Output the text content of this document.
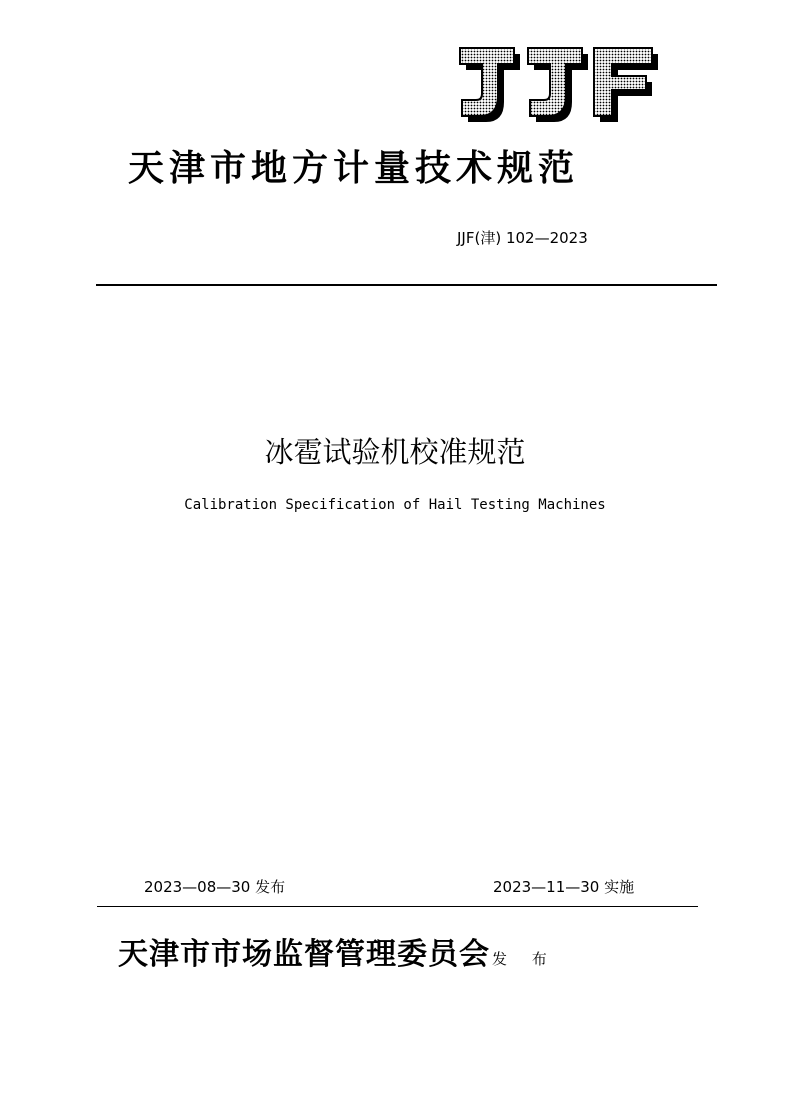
天津市地方计量技术规范
JJF(津) 102—2023
冰雹试验机校准规范
Calibration Specification of Hail Testing Machines
2023—08—30 发布	2023—11—30 实施
天津市市场监督管理委员会 发 布
